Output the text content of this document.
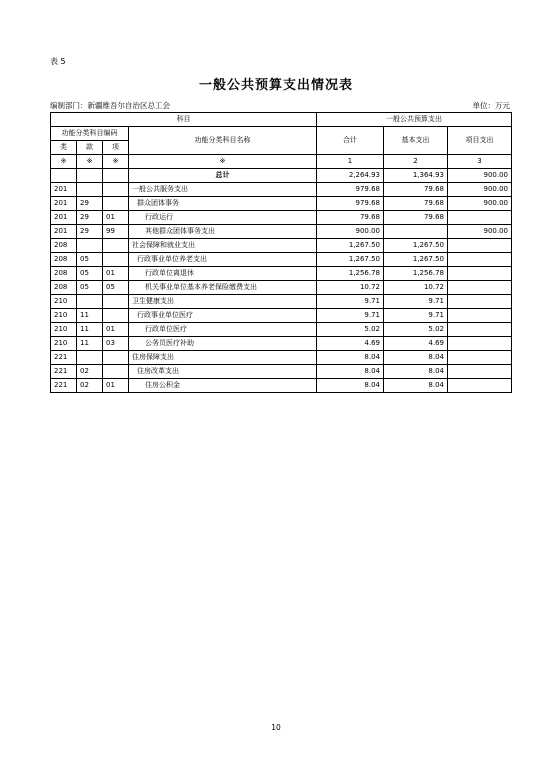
表 5
一般公共预算支出情况表
编制部门：新疆维吾尔自治区总工会	单位：万元
科目				一般公共预算支出		
功能分类科目编码			功能分类科目名称	合计	基本支出	项目支出
类	款	项				
※	※	※	※	1	2	3
			总计	2,264.93	1,364.93	900.00
201			一般公共服务支出	979.68	79.68	900.00
201	29		群众团体事务	979.68	79.68	900.00
201	29	01	行政运行	79.68	79.68	
201	29	99	其他群众团体事务支出	900.00		900.00
208			社会保障和就业支出	1,267.50	1,267.50	
208	05		行政事业单位养老支出	1,267.50	1,267.50	
208	05	01	行政单位离退休	1,256.78	1,256.78	
208	05	05	机关事业单位基本养老保险缴费支出	10.72	10.72	
210			卫生健康支出	9.71	9.71	
210	11		行政事业单位医疗	9.71	9.71	
210	11	01	行政单位医疗	5.02	5.02	
210	11	03	公务员医疗补助	4.69	4.69	
221			住房保障支出	8.04	8.04	
221	02		住房改革支出	8.04	8.04	
221	02	01	住房公积金	8.04	8.04	
10
